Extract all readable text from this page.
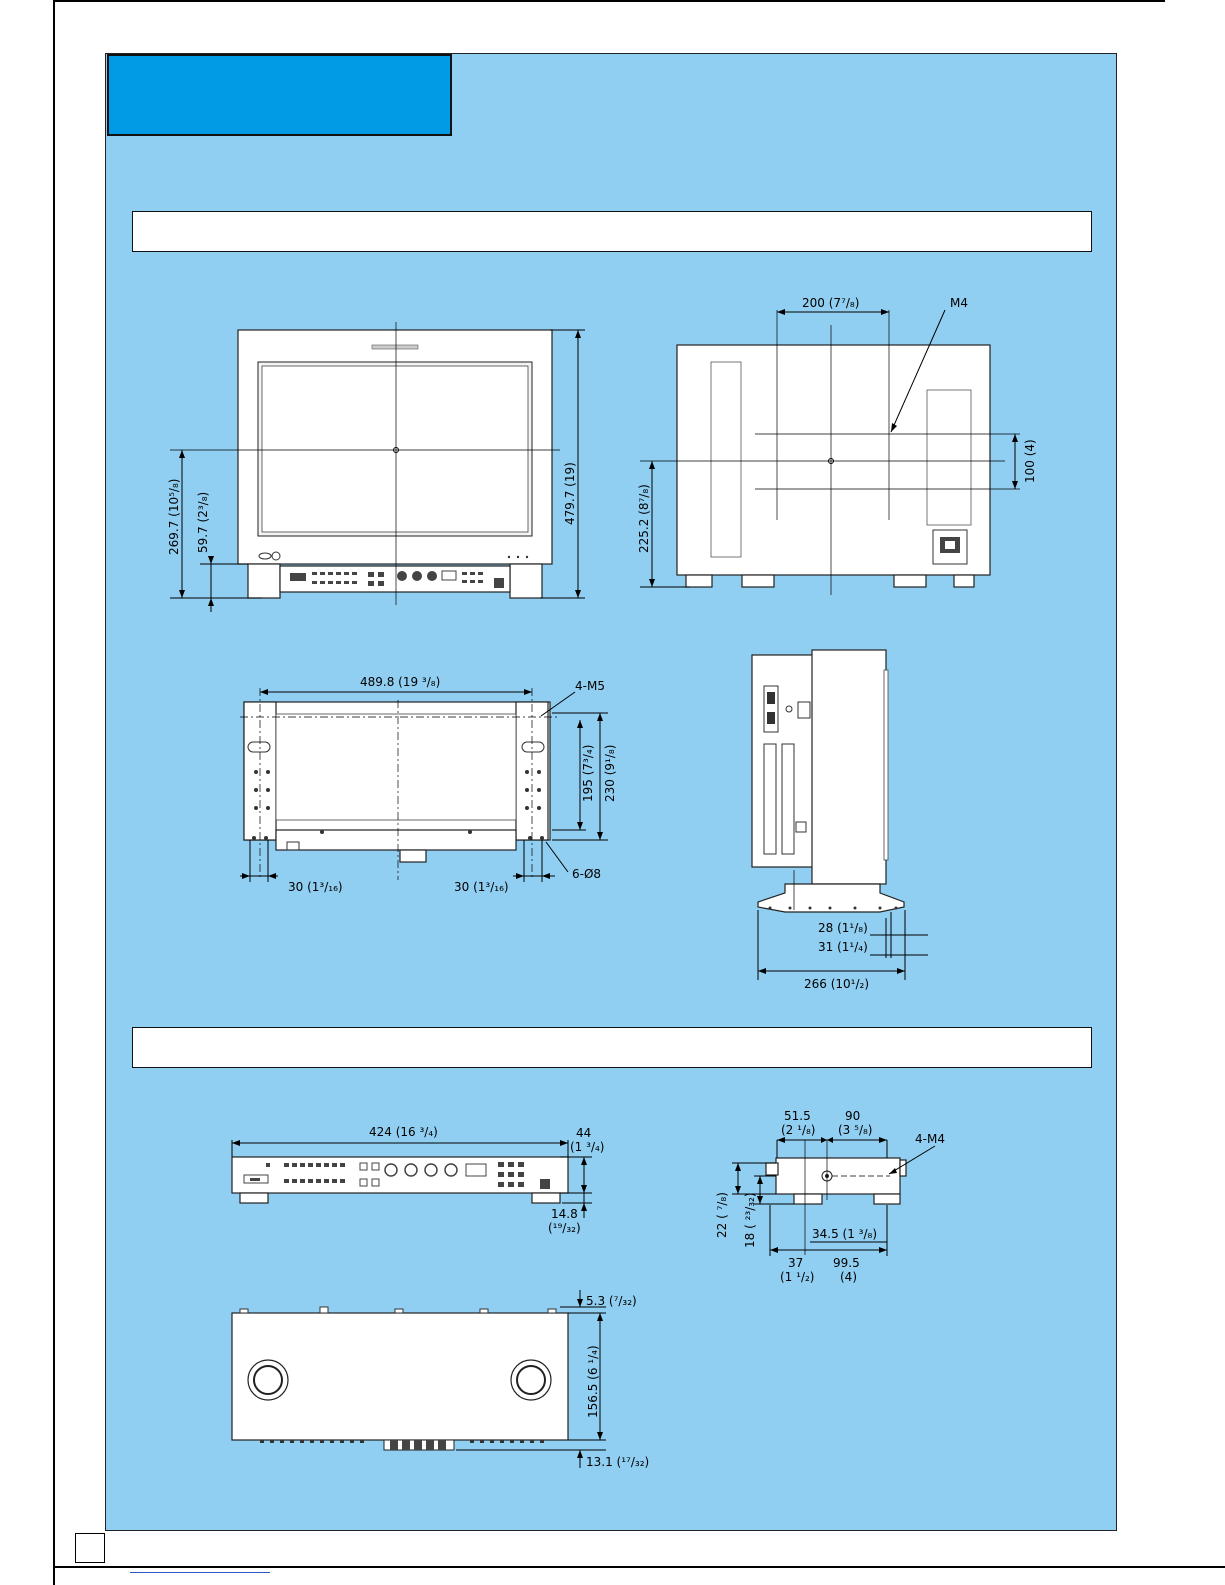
479.7 (19)
269.7 (10⁵/₈) 59.7 (2³/₈)
200 (7⁷/₈)	M4
100 (4)
225.2 (8⁷/₈)
489.8 (19 ³/₈)	4-M5
195 (7³/₄) 230 (9¹/₈)
30 (1³/₁₆)	30 (1³/₁₆)
6-Ø8
28 (1¹/₈)
31 (1¹/₄)
266 (10¹/₂)
424 (16 ³/₄)	44
(1 ³/₄)
14.8
(¹⁹/₃₂)
51.5
(2 ¹/₈)
90
(3 ⁵/₈)
4-M4
22 ( ⁷/₈) 18 ( ²³/₃₂)	34.5 (1 ³/₈)
37
(1 ¹/₂)
99.5
(4)
5.3 (⁷/₃₂)
156.5 (6 ¹/₄)
13.1 (¹⁷/₃₂)
